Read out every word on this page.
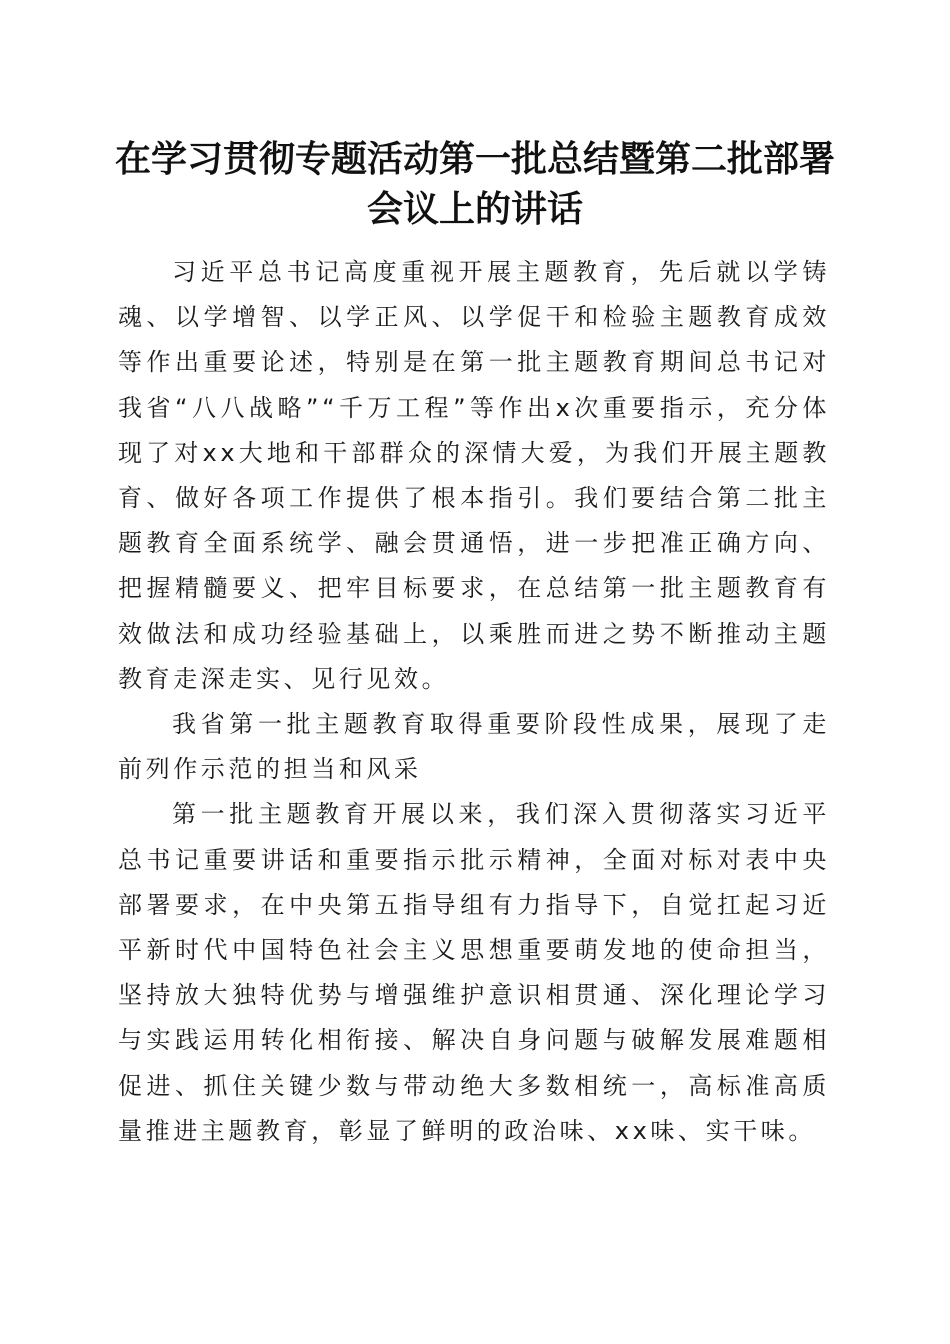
在学习贯彻专题活动第一批总结暨第二批部署
会议上的讲话

习近平总书记高度重视开展主题教育，先后就以学铸魂、以学增智、以学正风、以学促干和检验主题教育成效等作出重要论述，特别是在第一批主题教育期间总书记对我省“八八战略”“千万工程”等作出x次重要指示，充分体现了对xx大地和干部群众的深情大爱，为我们开展主题教育、做好各项工作提供了根本指引。我们要结合第二批主题教育全面系统学、融会贯通悟，进一步把准正确方向、把握精髓要义、把牢目标要求，在总结第一批主题教育有效做法和成功经验基础上，以乘胜而进之势不断推动主题教育走深走实、见行见效。

我省第一批主题教育取得重要阶段性成果，展现了走前列作示范的担当和风采

第一批主题教育开展以来，我们深入贯彻落实习近平总书记重要讲话和重要指示批示精神，全面对标对表中央部署要求，在中央第五指导组有力指导下，自觉扛起习近平新时代中国特色社会主义思想重要萌发地的使命担当，坚持放大独特优势与增强维护意识相贯通、深化理论学习与实践运用转化相衔接、解决自身问题与破解发展难题相促进、抓住关键少数与带动绝大多数相统一，高标准高质量推进主题教育，彰显了鲜明的政治味、xx味、实干味。
